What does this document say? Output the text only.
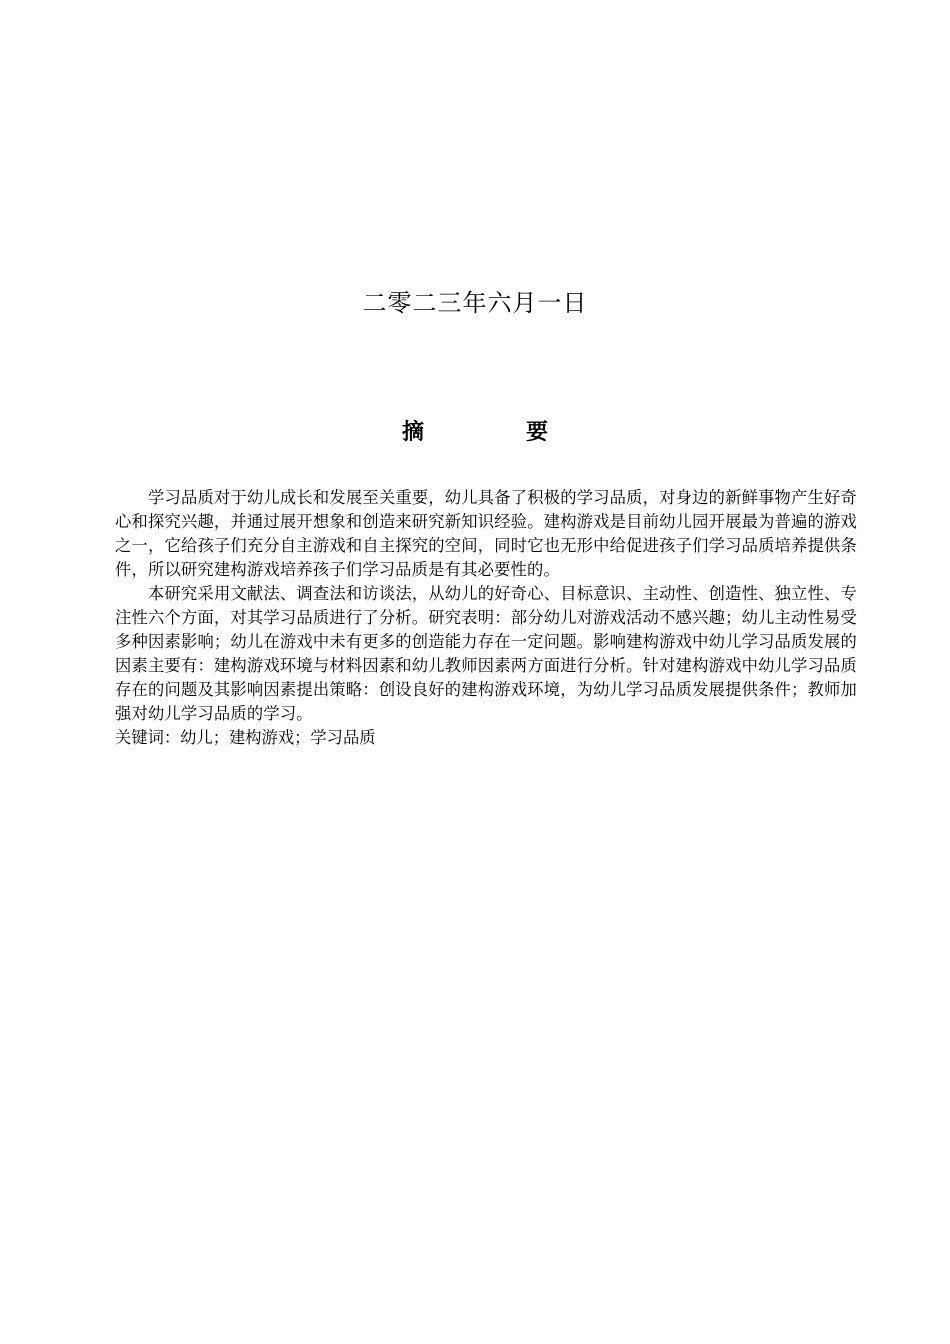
二零二三年六月一日
摘　要

学习品质对于幼儿成长和发展至关重要，幼儿具备了积极的学习品质，对身边的新鲜事物产生好奇心和探究兴趣，并通过展开想象和创造来研究新知识经验。建构游戏是目前幼儿园开展最为普遍的游戏之一，它给孩子们充分自主游戏和自主探究的空间，同时它也无形中给促进孩子们学习品质培养提供条件，所以研究建构游戏培养孩子们学习品质是有其必要性的。

本研究采用文献法、调查法和访谈法，从幼儿的好奇心、目标意识、主动性、创造性、独立性、专注性六个方面，对其学习品质进行了分析。研究表明：部分幼儿对游戏活动不感兴趣；幼儿主动性易受多种因素影响；幼儿在游戏中未有更多的创造能力存在一定问题。影响建构游戏中幼儿学习品质发展的因素主要有：建构游戏环境与材料因素和幼儿教师因素两方面进行分析。针对建构游戏中幼儿学习品质存在的问题及其影响因素提出策略：创设良好的建构游戏环境，为幼儿学习品质发展提供条件；教师加强对幼儿学习品质的学习。

关键词：幼儿；建构游戏；学习品质
